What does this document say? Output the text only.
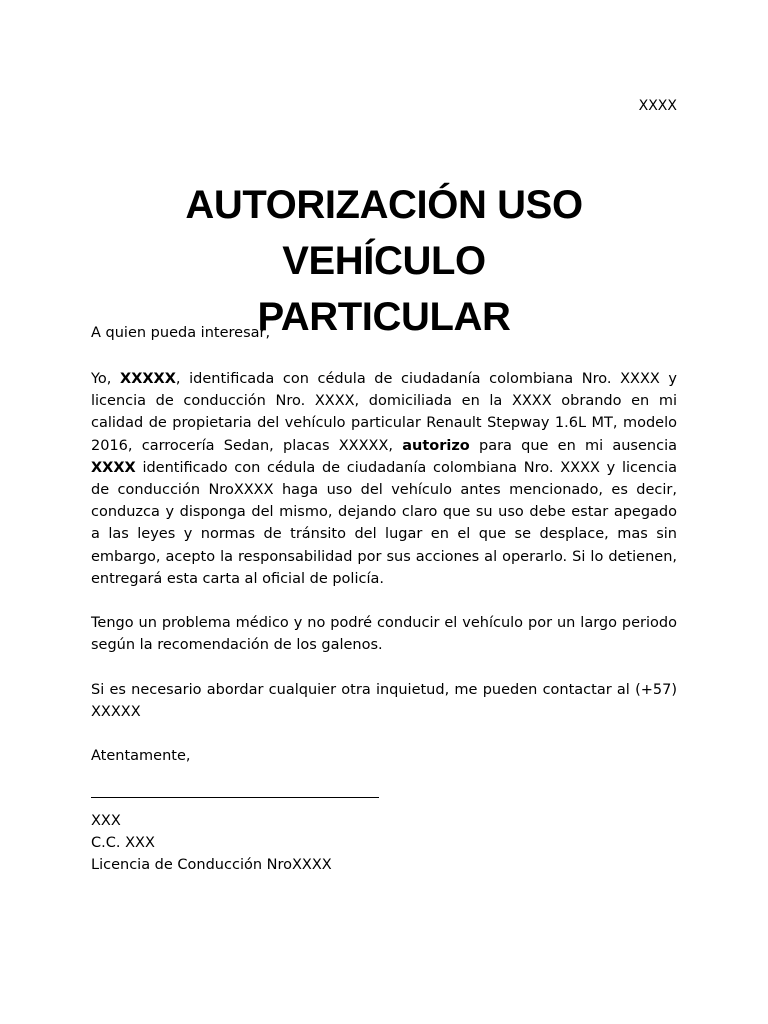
XXXX
AUTORIZACIÓN USO VEHÍCULO
PARTICULAR
A quien pueda interesar,
Yo, XXXXX, identificada con cédula de ciudadanía colombiana Nro. XXXX y licencia de conducción Nro. XXXX, domiciliada en la XXXX obrando en mi calidad de propietaria del vehículo particular Renault Stepway 1.6L MT, modelo 2016, carrocería Sedan, placas XXXXX, autorizo para que en mi ausencia XXXX identificado con cédula de ciudadanía colombiana Nro. XXXX y licencia de conducción NroXXXX haga uso del vehículo antes mencionado, es decir, conduzca y disponga del mismo, dejando claro que su uso debe estar apegado a las leyes y normas de tránsito del lugar en el que se desplace, mas sin embargo, acepto la responsabilidad por sus acciones al operarlo. Si lo detienen, entregará esta carta al oficial de policía.
Tengo un problema médico y no podré conducir el vehículo por un largo periodo según la recomendación de los galenos.
Si es necesario abordar cualquier otra inquietud, me pueden contactar al (+57) XXXXX
Atentamente,
XXX
C.C. XXX
Licencia de Conducción NroXXXX
